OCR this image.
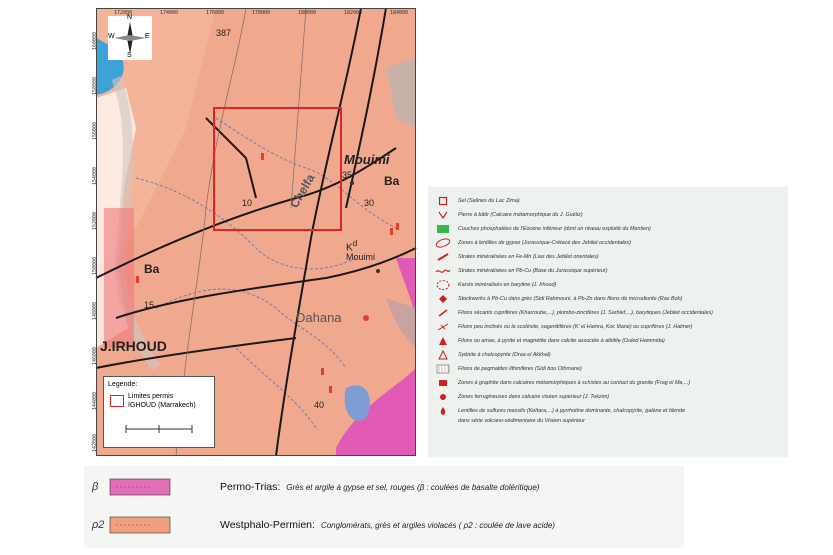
172000	174000	176000	178000	180000	182000	184000
160000
158000
156000
154000
152000
150000
148000
146000
144000
142000
Mouimi
Ba
Ba
Dahana
J.IRHOUD
Chelfa
$K^d$
Mouimi
387
10
35
30
15
40
N
S
E
W
Legende:
Limites permis
IGHOUD (Marrakech)
Sel (Salines du Lac Zima)
Pierre à bâtir (Calcaire métamorphique du J. Guéliz)
Couches phosphatées de l'Eocène inférieur (dont un niveau exploité du Mentien)
Zones à lentilles de gypse (Jurassique-Crétacé des Jebilet occidentales)
Strates minéralisées en Fe-Mn (Lias des Jebilet orientales)
Strates minéralisées en Pb-Cu (Base du Jurassique supérieur)
Karsts minéralisés en barytine (J. Irhoud)
Stockwerks à Pb-Cu dans grès (Sidi Rahmouni, à Pb-Zn dans filons de microdiorite (Ras Boh)
Filons sécants cuprifères (Kharroube,...), plombo-zincifères (J. Sarhlef,...), barytiques (Jebilet occidentales)
Filons peu inclinés ou la scolésite, sagenitifères (K' el Hamra, Koc Iltane) ou cuprifères (J. Halmer)
Filons ou amas, à pyrite et magnétite dans calcite associée à albitite (Ouled Hammida)
Syénite à chalcopyrite (Draa el Akkhal)
Filons de pegmatites lithinifères (Sidi bou Othmane)
Zones à graphite dans calcaires métamorphiques à schistes au contact du granite (Frag el Ma,...)
Zones ferrugineuses dans calcaire viséen supérieur (J. Tekzim)
Lentilles de sulfures massifs (Kettara,...) à pyrrhotine dominante, chalcopyrite, galène et blende
dans série volcano-sédimentaire du Viséen supérieur
β	Permo-Trias : Grès et argile à gypse et sel, rouges (β : coulées de basalte doléritique)
ρ2	Westphalo-Permien : Conglomérats, grès et argiles violacés ( ρ2 : coulée de lave acide)
